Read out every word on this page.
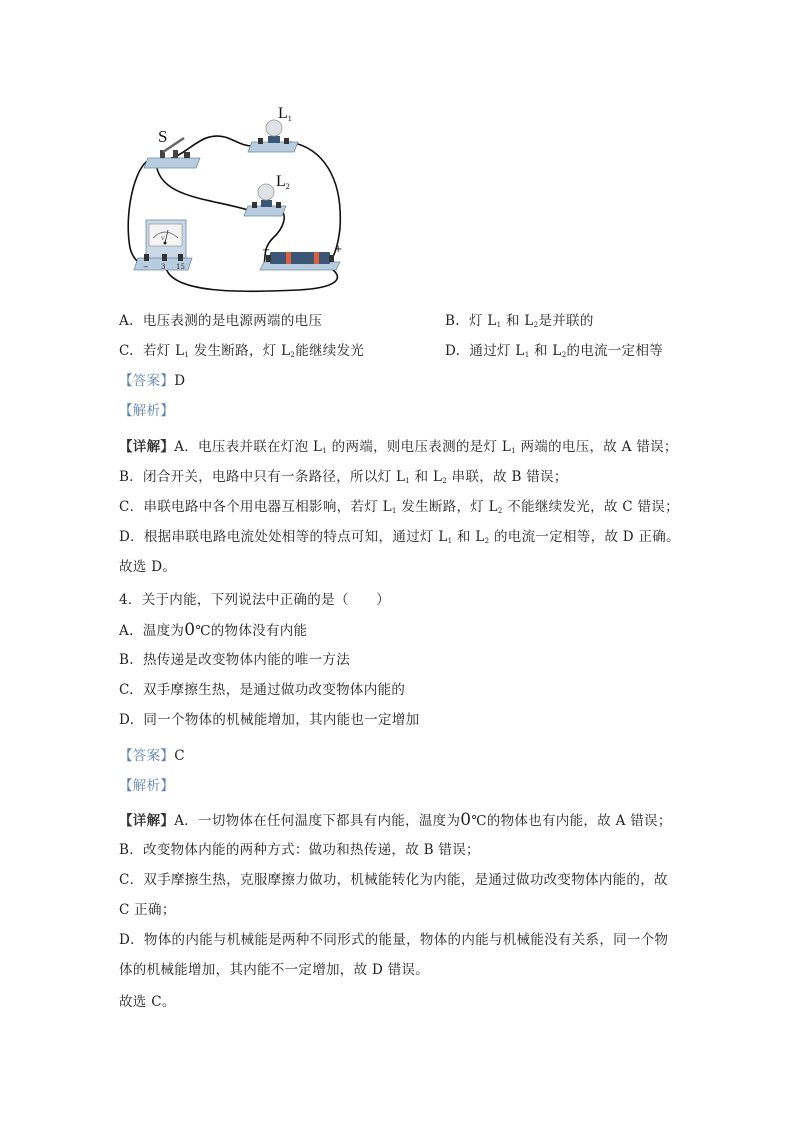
S
L1
L2
V
− 3 15
−	+
A. 电压表测的是电源两端的电压	B. 灯 $L_1$ 和 $L_2$是并联的
C. 若灯 $L_1$ 发生断路，灯 $L_2$能继续发光	D. 通过灯 $L_1$ 和 $L_2$的电流一定相等
【答案】D
【解析】
【详解】A．电压表并联在灯泡 $L_1$ 的两端，则电压表测的是灯 $L_1$ 两端的电压，故 A 错误；
B．闭合开关，电路中只有一条路径，所以灯 $L_1$ 和 $L_2$ 串联，故 B 错误；
C．串联电路中各个用电器互相影响，若灯 $L_1$ 发生断路，灯 $L_2$ 不能继续发光，故 C 错误；
D．根据串联电路电流处处相等的特点可知，通过灯 $L_1$ 和 $L_2$ 的电流一定相等，故 D 正确。
故选 D。
4．关于内能，下列说法中正确的是（　　）
A. 温度为0℃的物体没有内能
B. 热传递是改变物体内能的唯一方法
C. 双手摩擦生热，是通过做功改变物体内能的
D. 同一个物体的机械能增加，其内能也一定增加
【答案】C
【解析】
【详解】A．一切物体在任何温度下都具有内能，温度为0℃的物体也有内能，故 A 错误；
B．改变物体内能的两种方式：做功和热传递，故 B 错误；
C．双手摩擦生热，克服摩擦力做功，机械能转化为内能，是通过做功改变物体内能的，故
C 正确；
D．物体的内能与机械能是两种不同形式的能量，物体的内能与机械能没有关系，同一个物
体的机械能增加，其内能不一定增加，故 D 错误。
故选 C。
